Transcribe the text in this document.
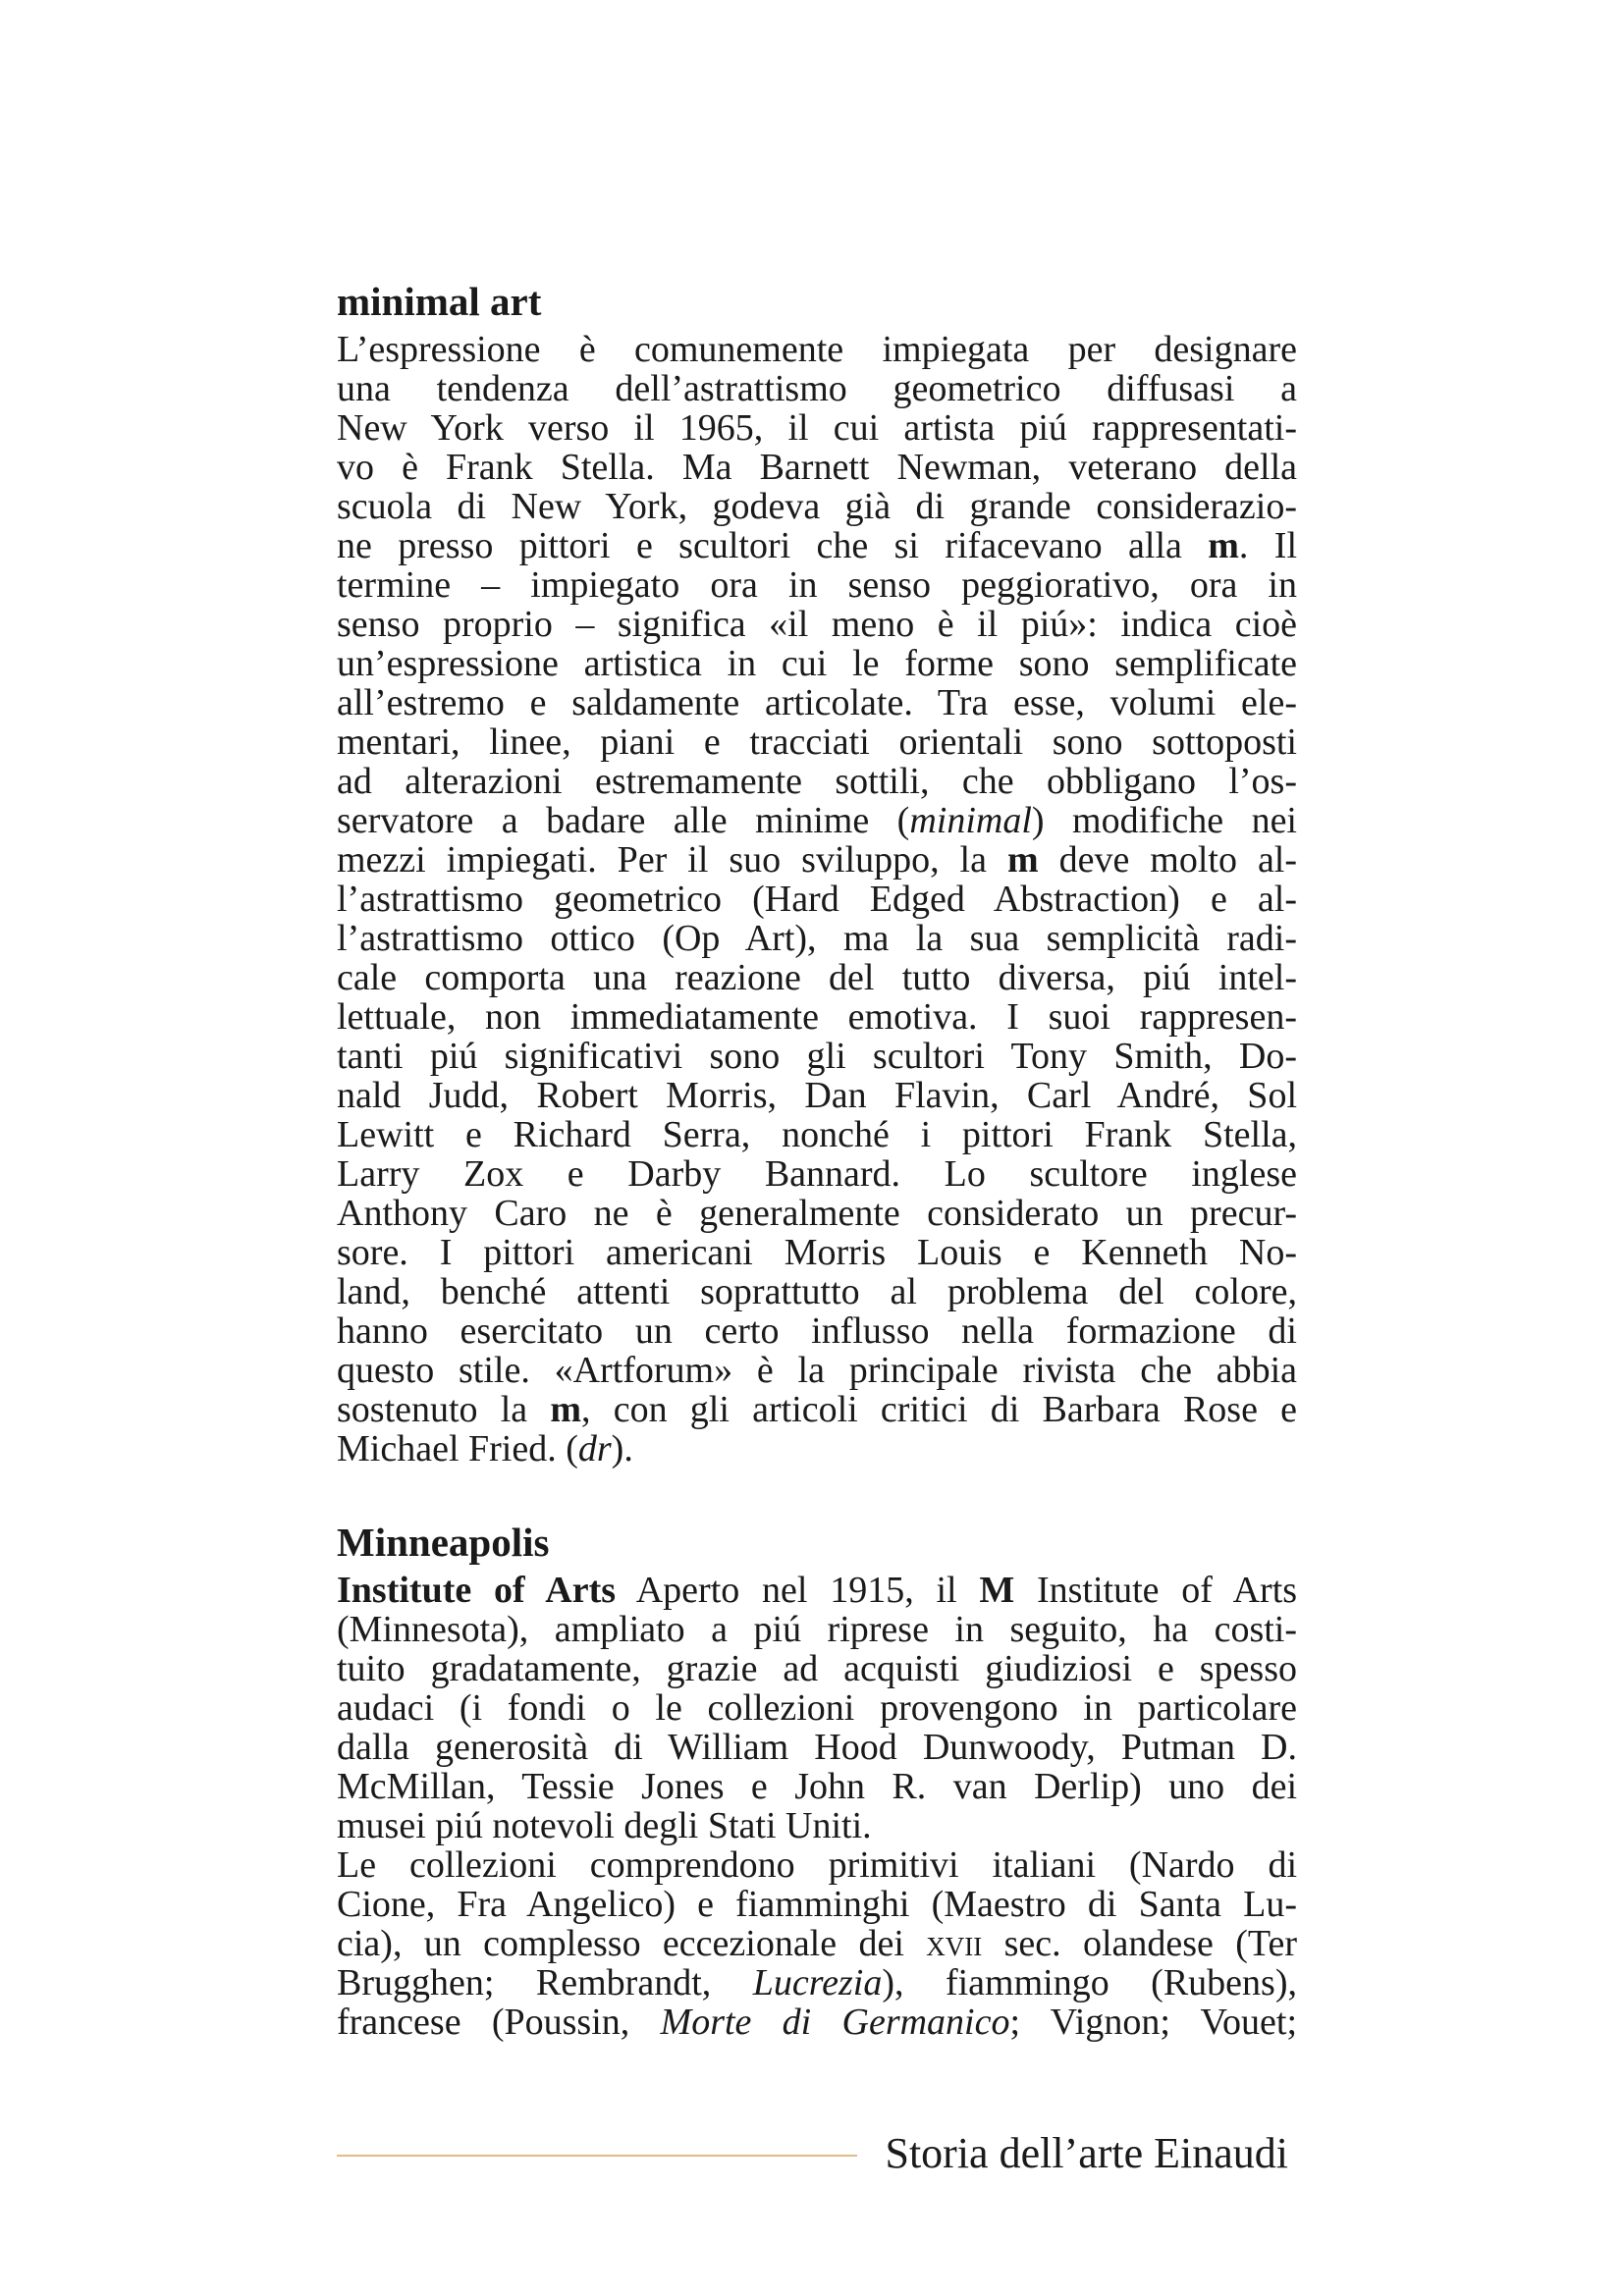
minimal art
L’espressione è comunemente impiegata per designare
una tendenza dell’astrattismo geometrico diffusasi a
New York verso il 1965, il cui artista piú rappresentati-
vo è Frank Stella. Ma Barnett Newman, veterano della
scuola di New York, godeva già di grande considerazio-
ne presso pittori e scultori che si rifacevano alla m. Il
termine – impiegato ora in senso peggiorativo, ora in
senso proprio – significa «il meno è il piú»: indica cioè
un’espressione artistica in cui le forme sono semplificate
all’estremo e saldamente articolate. Tra esse, volumi ele-
mentari, linee, piani e tracciati orientali sono sottoposti
ad alterazioni estremamente sottili, che obbligano l’os-
servatore a badare alle minime (minimal) modifiche nei
mezzi impiegati. Per il suo sviluppo, la m deve molto al-
l’astrattismo geometrico (Hard Edged Abstraction) e al-
l’astrattismo ottico (Op Art), ma la sua semplicità radi-
cale comporta una reazione del tutto diversa, piú intel-
lettuale, non immediatamente emotiva. I suoi rappresen-
tanti piú significativi sono gli scultori Tony Smith, Do-
nald Judd, Robert Morris, Dan Flavin, Carl André, Sol
Lewitt e Richard Serra, nonché i pittori Frank Stella,
Larry Zox e Darby Bannard. Lo scultore inglese
Anthony Caro ne è generalmente considerato un precur-
sore. I pittori americani Morris Louis e Kenneth No-
land, benché attenti soprattutto al problema del colore,
hanno esercitato un certo influsso nella formazione di
questo stile. «Artforum» è la principale rivista che abbia
sostenuto la m, con gli articoli critici di Barbara Rose e
Michael Fried. (dr).
Minneapolis
Institute of Arts Aperto nel 1915, il M Institute of Arts
(Minnesota), ampliato a piú riprese in seguito, ha costi-
tuito gradatamente, grazie ad acquisti giudiziosi e spesso
audaci (i fondi o le collezioni provengono in particolare
dalla generosità di William Hood Dunwoody, Putman D.
McMillan, Tessie Jones e John R. van Derlip) uno dei
musei piú notevoli degli Stati Uniti.
Le collezioni comprendono primitivi italiani (Nardo di
Cione, Fra Angelico) e fiamminghi (Maestro di Santa Lu-
cia), un complesso eccezionale dei xvii sec. olandese (Ter
Brugghen; Rembrandt, Lucrezia), fiammingo (Rubens),
francese (Poussin, Morte di Germanico; Vignon; Vouet;
Storia dell’arte Einaudi
